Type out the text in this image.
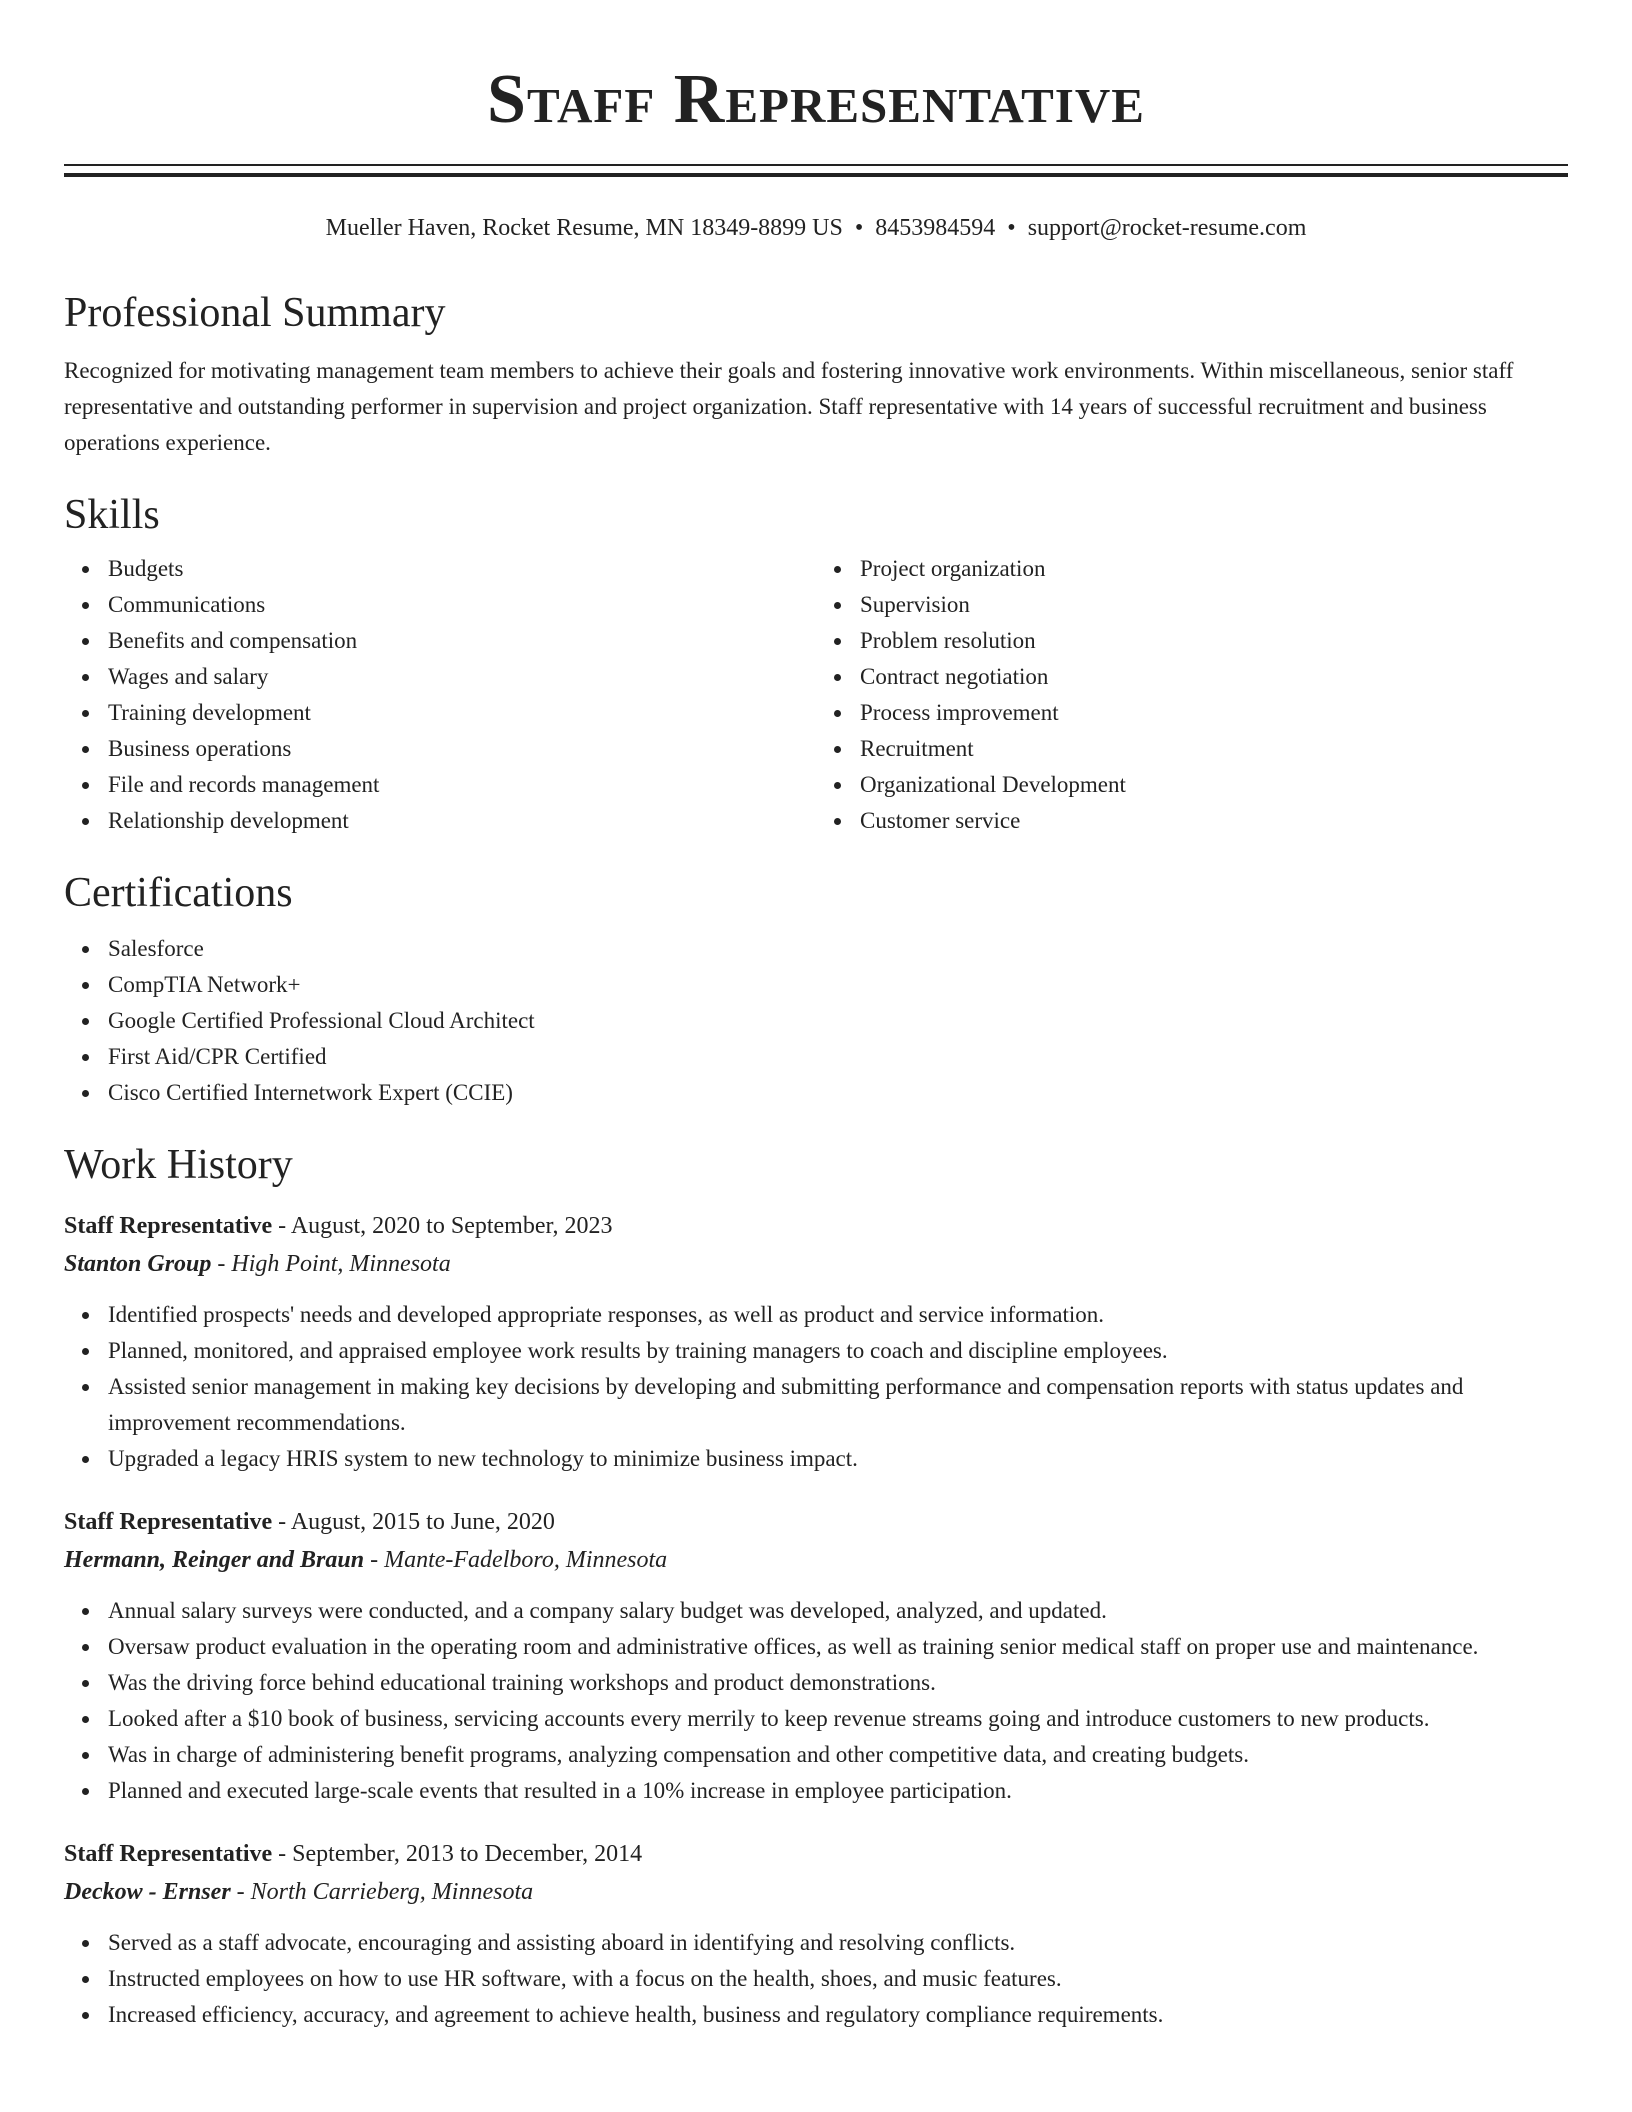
Staff Representative
Mueller Haven, Rocket Resume, MN 18349-8899 US • 8453984594 • support@rocket-resume.com
Professional Summary

Recognized for motivating management team members to achieve their goals and fostering innovative work environments. Within miscellaneous, senior staff representative and outstanding performer in supervision and project organization. Staff representative with 14 years of successful recruitment and business operations experience.

Skills
Budgets
Communications
Benefits and compensation
Wages and salary
Training development
Business operations
File and records management
Relationship development
Project organization
Supervision
Problem resolution
Contract negotiation
Process improvement
Recruitment
Organizational Development
Customer service
Certifications
Salesforce
CompTIA Network+
Google Certified Professional Cloud Architect
First Aid/CPR Certified
Cisco Certified Internetwork Expert (CCIE)
Work History
Staff Representative - August, 2020 to September, 2023
Stanton Group - High Point, Minnesota
Identified prospects' needs and developed appropriate responses, as well as product and service information.
Planned, monitored, and appraised employee work results by training managers to coach and discipline employees.
Assisted senior management in making key decisions by developing and submitting performance and compensation reports with status updates and improvement recommendations.
Upgraded a legacy HRIS system to new technology to minimize business impact.
Staff Representative - August, 2015 to June, 2020
Hermann, Reinger and Braun - Mante-Fadelboro, Minnesota
Annual salary surveys were conducted, and a company salary budget was developed, analyzed, and updated.
Oversaw product evaluation in the operating room and administrative offices, as well as training senior medical staff on proper use and maintenance.
Was the driving force behind educational training workshops and product demonstrations.
Looked after a $10 book of business, servicing accounts every merrily to keep revenue streams going and introduce customers to new products.
Was in charge of administering benefit programs, analyzing compensation and other competitive data, and creating budgets.
Planned and executed large-scale events that resulted in a 10% increase in employee participation.
Staff Representative - September, 2013 to December, 2014
Deckow - Ernser - North Carrieberg, Minnesota
Served as a staff advocate, encouraging and assisting aboard in identifying and resolving conflicts.
Instructed employees on how to use HR software, with a focus on the health, shoes, and music features.
Increased efficiency, accuracy, and agreement to achieve health, business and regulatory compliance requirements.
